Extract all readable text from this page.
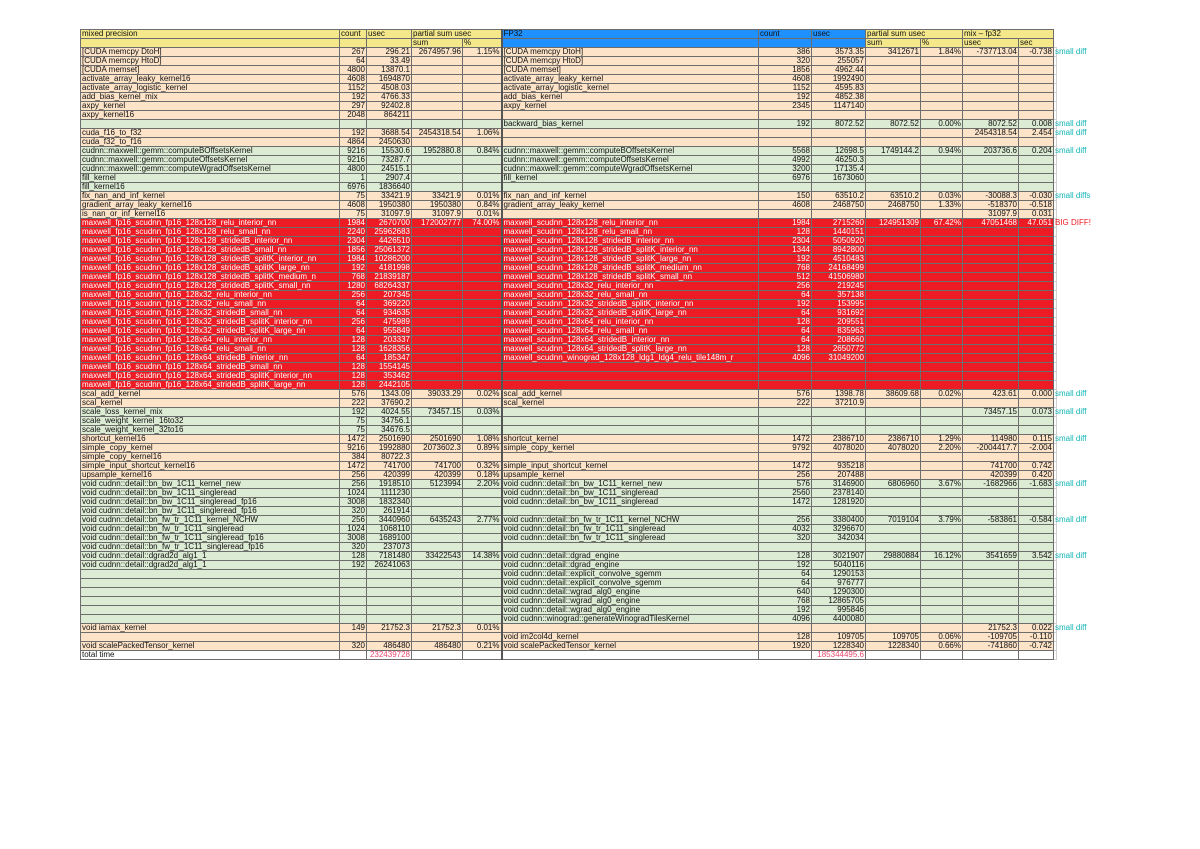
mixed precision	count	usec	partial sum usec		FP32	count	usec	partial sum usec		mix – fp32		
			sum	%				sum	%	usec	sec	
[CUDA memcpy DtoH]	267	296.21	2674957.96	1.15%	[CUDA memcpy DtoH]	386	3573.35	3412671	1.84%	-737713.04	-0.738	small diff
[CUDA memcpy HtoD]	64	33.49			[CUDA memcpy HtoD]	320	255057					
[CUDA memset]	4800	13870.1			[CUDA memset]	1856	4962.44					
activate_array_leaky_kernel16	4608	1694870			activate_array_leaky_kernel	4608	1992490					
activate_array_logistic_kernel	1152	4508.03			activate_array_logistic_kernel	1152	4595.83					
add_bias_kernel_mix	192	4766.33			add_bias_kernel	192	4852.38					
axpy_kernel	297	92402.8			axpy_kernel	2345	1147140					
axpy_kernel16	2048	864211										
					backward_bias_kernel	192	8072.52	8072.52	0.00%	8072.52	0.008	small diff
cuda_f16_to_f32	192	3688.54	2454318.54	1.06%						2454318.54	2.454	small diff
cuda_f32_to_f16	4864	2450630										
cudnn::maxwell::gemm::computeBOffsetsKernel	9216	15530.6	1952880.8	0.84%	cudnn::maxwell::gemm::computeBOffsetsKernel	5568	12698.5	1749144.2	0.94%	203736.6	0.204	small diff
cudnn::maxwell::gemm::computeOffsetsKernel	9216	73287.7			cudnn::maxwell::gemm::computeOffsetsKernel	4992	46250.3					
cudnn::maxwell::gemm::computeWgradOffsetsKernel	4800	24515.1			cudnn::maxwell::gemm::computeWgradOffsetsKernel	3200	17135.4					
fill_kernel	1	2907.4			fill_kernel	6976	1673060					
fill_kernel16	6976	1836640										
fix_nan_and_inf_kernel	75	33421.9	33421.9	0.01%	fix_nan_and_inf_kernel	150	63510.2	63510.2	0.03%	-30088.3	-0.030	small diffs
gradient_array_leaky_kernel16	4608	1950380	1950380	0.84%	gradient_array_leaky_kernel	4608	2468750	2468750	1.33%	-518370	-0.518	
is_nan_or_inf_kernel16	75	31097.9	31097.9	0.01%						31097.9	0.031	
maxwell_fp16_scudnn_fp16_128x128_relu_interior_nn	1984	2670700	172002777	74.00%	maxwell_scudnn_128x128_relu_interior_nn	1984	2715260	124951309	67.42%	47051468	47.051	BIG DIFF!
maxwell_fp16_scudnn_fp16_128x128_relu_small_nn	2240	25962683			maxwell_scudnn_128x128_relu_small_nn	128	1440151					
maxwell_fp16_scudnn_fp16_128x128_stridedB_interior_nn	2304	4426510			maxwell_scudnn_128x128_stridedB_interior_nn	2304	5050920					
maxwell_fp16_scudnn_fp16_128x128_stridedB_small_nn	1856	25061372			maxwell_scudnn_128x128_stridedB_splitK_interior_nn	1344	8942800					
maxwell_fp16_scudnn_fp16_128x128_stridedB_splitK_interior_nn	1984	10286200			maxwell_scudnn_128x128_stridedB_splitK_large_nn	192	4510483					
maxwell_fp16_scudnn_fp16_128x128_stridedB_splitK_large_nn	192	4181998			maxwell_scudnn_128x128_stridedB_splitK_medium_nn	768	24168499					
maxwell_fp16_scudnn_fp16_128x128_stridedB_splitK_medium_n	768	21839187			maxwell_scudnn_128x128_stridedB_splitK_small_nn	512	41506980					
maxwell_fp16_scudnn_fp16_128x128_stridedB_splitK_small_nn	1280	68264337			maxwell_scudnn_128x32_relu_interior_nn	256	219245					
maxwell_fp16_scudnn_fp16_128x32_relu_interior_nn	256	207345			maxwell_scudnn_128x32_relu_small_nn	64	357138					
maxwell_fp16_scudnn_fp16_128x32_relu_small_nn	64	369220			maxwell_scudnn_128x32_stridedB_splitK_interior_nn	192	153995					
maxwell_fp16_scudnn_fp16_128x32_stridedB_small_nn	64	934635			maxwell_scudnn_128x32_stridedB_splitK_large_nn	64	931692					
maxwell_fp16_scudnn_fp16_128x32_stridedB_splitK_interior_nn	256	475989			maxwell_scudnn_128x64_relu_interior_nn	128	209551					
maxwell_fp16_scudnn_fp16_128x32_stridedB_splitK_large_nn	64	955849			maxwell_scudnn_128x64_relu_small_nn	64	835963					
maxwell_fp16_scudnn_fp16_128x64_relu_interior_nn	128	203337			maxwell_scudnn_128x64_stridedB_interior_nn	64	208660					
maxwell_fp16_scudnn_fp16_128x64_relu_small_nn	128	1628356			maxwell_scudnn_128x64_stridedB_splitK_large_nn	128	2650772					
maxwell_fp16_scudnn_fp16_128x64_stridedB_interior_nn	64	185347			maxwell_scudnn_winograd_128x128_ldg1_ldg4_relu_tile148m_r	4096	31049200					
maxwell_fp16_scudnn_fp16_128x64_stridedB_small_nn	128	1554145										
maxwell_fp16_scudnn_fp16_128x64_stridedB_splitK_interior_nn	128	353462										
maxwell_fp16_scudnn_fp16_128x64_stridedB_splitK_large_nn	128	2442105										
scal_add_kernel	576	1343.09	39033.29	0.02%	scal_add_kernel	576	1398.78	38609.68	0.02%	423.61	0.000	small diff
scal_kernel	222	37690.2			scal_kernel	222	37210.9					
scale_loss_kernel_mix	192	4024.55	73457.15	0.03%						73457.15	0.073	small diff
scale_weight_kernel_16to32	75	34756.1										
scale_weight_kernel_32to16	75	34676.5										
shortcut_kernel16	1472	2501690	2501690	1.08%	shortcut_kernel	1472	2386710	2386710	1.29%	114980	0.115	small diff
simple_copy_kernel	9216	1992880	2073602.3	0.89%	simple_copy_kernel	9792	4078020	4078020	2.20%	-2004417.7	-2.004	
simple_copy_kernel16	384	80722.3										
simple_input_shortcut_kernel16	1472	741700	741700	0.32%	simple_input_shortcut_kernel	1472	935218			741700	0.742	
upsample_kernel16	256	420399	420399	0.18%	upsample_kernel	256	207488			420399	0.420	
void cudnn::detail::bn_bw_1C11_kernel_new	256	1918510	5123994	2.20%	void cudnn::detail::bn_bw_1C11_kernel_new	576	3146900	6806960	3.67%	-1682966	-1.683	small diff
void cudnn::detail::bn_bw_1C11_singleread	1024	1111230			void cudnn::detail::bn_bw_1C11_singleread	2560	2378140					
void cudnn::detail::bn_bw_1C11_singleread_fp16	3008	1832340			void cudnn::detail::bn_bw_1C11_singleread	1472	1281920					
void cudnn::detail::bn_bw_1C11_singleread_fp16	320	261914										
void cudnn::detail::bn_fw_tr_1C11_kernel_NCHW	256	3440960	6435243	2.77%	void cudnn::detail::bn_fw_tr_1C11_kernel_NCHW	256	3380400	7019104	3.79%	-583861	-0.584	small diff
void cudnn::detail::bn_fw_tr_1C11_singleread	1024	1068110			void cudnn::detail::bn_fw_tr_1C11_singleread	4032	3296670					
void cudnn::detail::bn_fw_tr_1C11_singleread_fp16	3008	1689100			void cudnn::detail::bn_fw_tr_1C11_singleread	320	342034					
void cudnn::detail::bn_fw_tr_1C11_singleread_fp16	320	237073										
void cudnn::detail::dgrad2d_alg1_1	128	7181480	33422543	14.38%	void cudnn::detail::dgrad_engine	128	3021907	29880884	16.12%	3541659	3.542	small diff
void cudnn::detail::dgrad2d_alg1_1	192	26241063			void cudnn::detail::dgrad_engine	192	5040116					
					void cudnn::detail::explicit_convolve_sgemm	64	1290153					
					void cudnn::detail::explicit_convolve_sgemm	64	976777					
					void cudnn::detail::wgrad_alg0_engine	640	1290300					
					void cudnn::detail::wgrad_alg0_engine	768	12865705					
					void cudnn::detail::wgrad_alg0_engine	192	995846					
					void cudnn::winograd::generateWinogradTilesKernel	4096	4400080					
void iamax_kernel	149	21752.3	21752.3	0.01%						21752.3	0.022	small diff
					void im2col4d_kernel	128	109705	109705	0.06%	-109705	-0.110	
void scalePackedTensor_kernel	320	486480	486480	0.21%	void scalePackedTensor_kernel	1920	1228340	1228340	0.66%	-741860	-0.742	
total time		232439728					185344495.6					
